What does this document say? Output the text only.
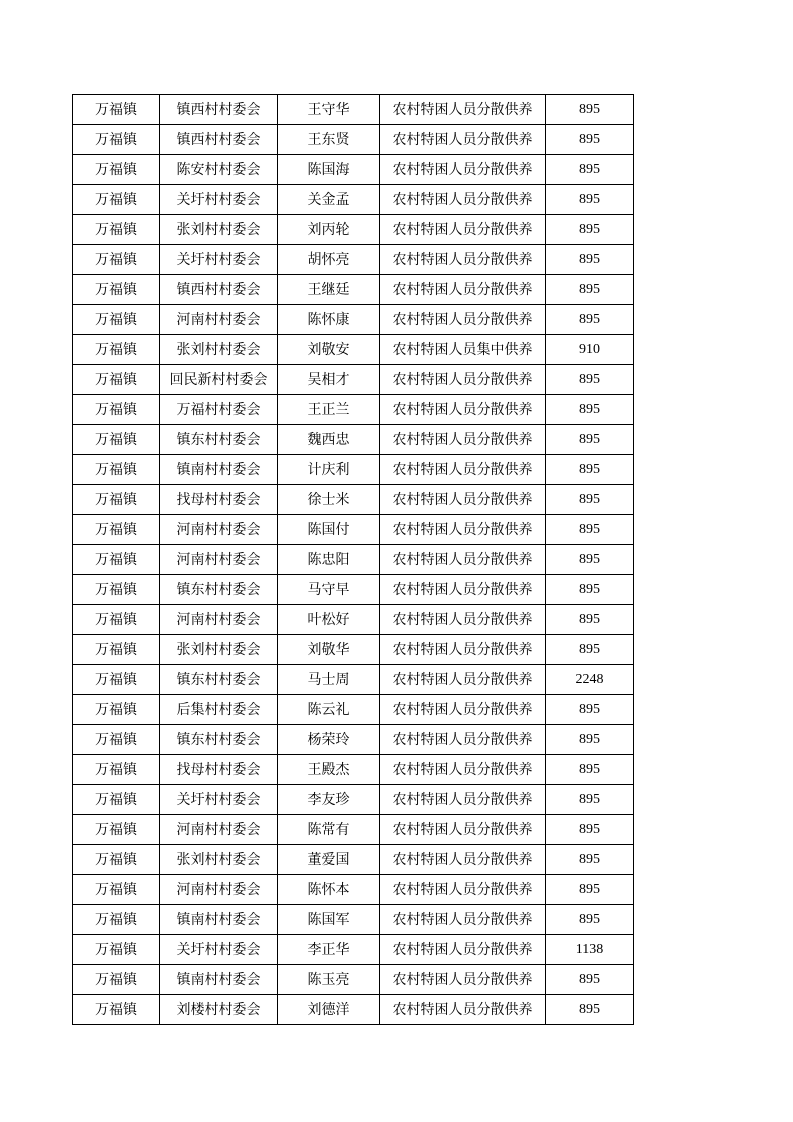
万福镇	镇西村村委会	王守华	农村特困人员分散供养	895
万福镇	镇西村村委会	王东贤	农村特困人员分散供养	895
万福镇	陈安村村委会	陈国海	农村特困人员分散供养	895
万福镇	关圩村村委会	关金孟	农村特困人员分散供养	895
万福镇	张刘村村委会	刘丙轮	农村特困人员分散供养	895
万福镇	关圩村村委会	胡怀亮	农村特困人员分散供养	895
万福镇	镇西村村委会	王继廷	农村特困人员分散供养	895
万福镇	河南村村委会	陈怀康	农村特困人员分散供养	895
万福镇	张刘村村委会	刘敬安	农村特困人员集中供养	910
万福镇	回民新村村委会	吴相才	农村特困人员分散供养	895
万福镇	万福村村委会	王正兰	农村特困人员分散供养	895
万福镇	镇东村村委会	魏西忠	农村特困人员分散供养	895
万福镇	镇南村村委会	计庆利	农村特困人员分散供养	895
万福镇	找母村村委会	徐士米	农村特困人员分散供养	895
万福镇	河南村村委会	陈国付	农村特困人员分散供养	895
万福镇	河南村村委会	陈忠阳	农村特困人员分散供养	895
万福镇	镇东村村委会	马守早	农村特困人员分散供养	895
万福镇	河南村村委会	叶松好	农村特困人员分散供养	895
万福镇	张刘村村委会	刘敬华	农村特困人员分散供养	895
万福镇	镇东村村委会	马士周	农村特困人员分散供养	2248
万福镇	后集村村委会	陈云礼	农村特困人员分散供养	895
万福镇	镇东村村委会	杨荣玲	农村特困人员分散供养	895
万福镇	找母村村委会	王殿杰	农村特困人员分散供养	895
万福镇	关圩村村委会	李友珍	农村特困人员分散供养	895
万福镇	河南村村委会	陈常有	农村特困人员分散供养	895
万福镇	张刘村村委会	董爱国	农村特困人员分散供养	895
万福镇	河南村村委会	陈怀本	农村特困人员分散供养	895
万福镇	镇南村村委会	陈国军	农村特困人员分散供养	895
万福镇	关圩村村委会	李正华	农村特困人员分散供养	1138
万福镇	镇南村村委会	陈玉亮	农村特困人员分散供养	895
万福镇	刘楼村村委会	刘德洋	农村特困人员分散供养	895
